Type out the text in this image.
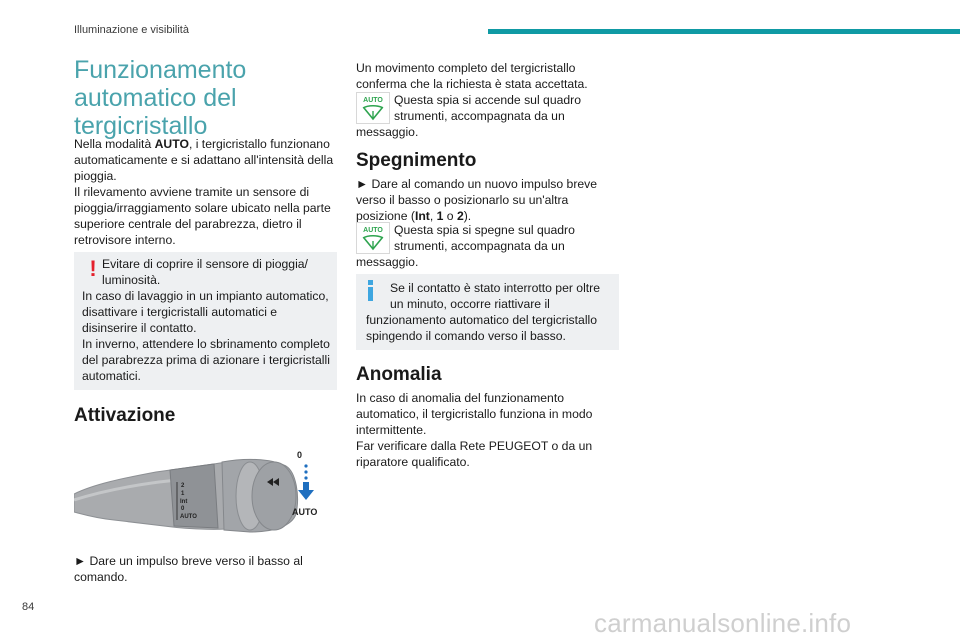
Illuminazione e visibilità
Funzionamento
automatico del
tergicristallo
Nella modalità AUTO, i tergicristallo funzionano
automaticamente e si adattano all'intensità della
pioggia.
Il rilevamento avviene tramite un sensore di
pioggia/irraggiamento solare ubicato nella parte
superiore centrale del parabrezza, dietro il
retrovisore interno.
! Evitare di coprire il sensore di pioggia/
luminosità.
In caso di lavaggio in un impianto automatico,
disattivare i tergicristalli automatici e
disinserire il contatto.
In inverno, attendere lo sbrinamento completo
del parabrezza prima di azionare i tergicristalli
automatici.
Attivazione
2
1
Int
0
AUTO
0
AUTO
► Dare un impulso breve verso il basso al
comando.
Un movimento completo del tergicristallo
conferma che la richiesta è stata accettata.
AUTO Questa spia si accende sul quadro
strumenti, accompagnata da un
messaggio.
Spegnimento
► Dare al comando un nuovo impulso breve
verso il basso o posizionarlo su un'altra
posizione (Int, 1 o 2).
AUTO Questa spia si spegne sul quadro
strumenti, accompagnata da un
messaggio.
Se il contatto è stato interrotto per oltre
un minuto, occorre riattivare il
funzionamento automatico del tergicristallo
spingendo il comando verso il basso.
Anomalia
In caso di anomalia del funzionamento
automatico, il tergicristallo funziona in modo
intermittente.
Far verificare dalla Rete PEUGEOT o da un
riparatore qualificato.
84
carmanualsonline.info
